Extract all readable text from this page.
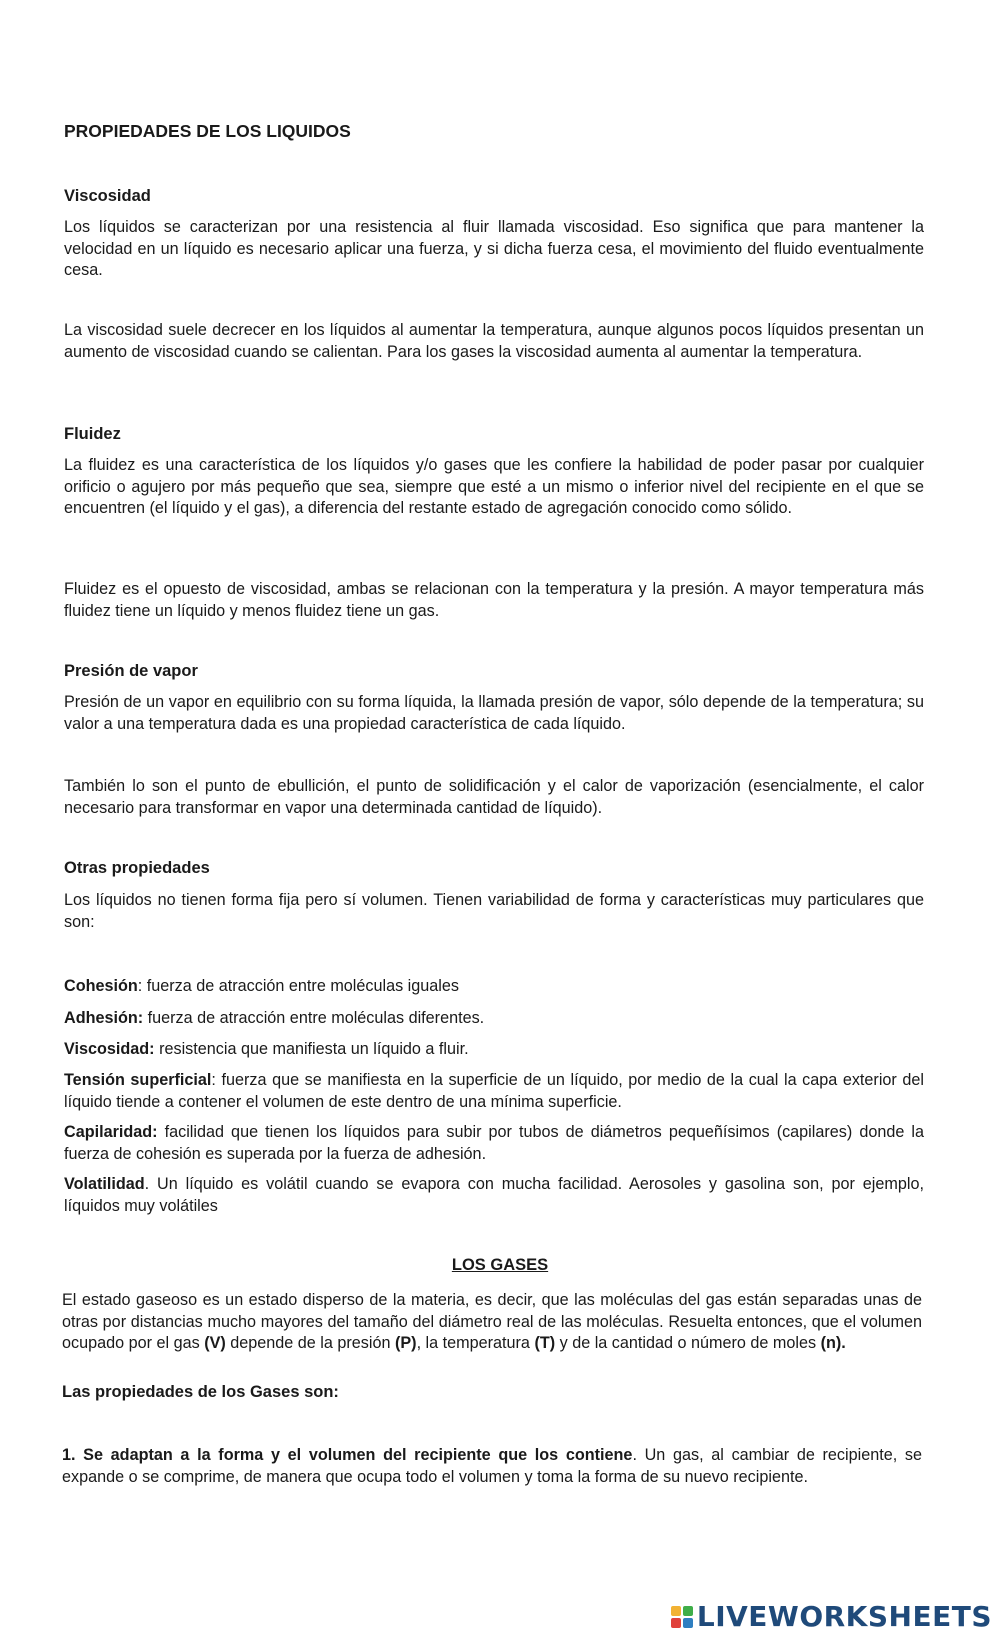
PROPIEDADES DE LOS LIQUIDOS
Viscosidad
Los líquidos se caracterizan por una resistencia al fluir llamada viscosidad. Eso significa que para mantener la velocidad en un líquido es necesario aplicar una fuerza, y si dicha fuerza cesa, el movimiento del fluido eventualmente cesa.
La viscosidad suele decrecer en los líquidos al aumentar la temperatura, aunque algunos pocos líquidos presentan un aumento de viscosidad cuando se calientan. Para los gases la viscosidad aumenta al aumentar la temperatura.
Fluidez
La fluidez es una característica de los líquidos y/o gases que les confiere la habilidad de poder pasar por cualquier orificio o agujero por más pequeño que sea, siempre que esté a un mismo o inferior nivel del recipiente en el que se encuentren (el líquido y el gas), a diferencia del restante estado de agregación conocido como sólido.
Fluidez es el opuesto de viscosidad, ambas se relacionan con la temperatura y la presión. A mayor temperatura más fluidez tiene un líquido y menos fluidez tiene un gas.
Presión de vapor
Presión de un vapor en equilibrio con su forma líquida, la llamada presión de vapor, sólo depende de la temperatura; su valor a una temperatura dada es una propiedad característica de cada líquido.
También lo son el punto de ebullición, el punto de solidificación y el calor de vaporización (esencialmente, el calor necesario para transformar en vapor una determinada cantidad de líquido).
Otras propiedades
Los líquidos no tienen forma fija pero sí volumen. Tienen variabilidad de forma y características muy particulares que son:
Cohesión: fuerza de atracción entre moléculas iguales
Adhesión: fuerza de atracción entre moléculas diferentes.
Viscosidad: resistencia que manifiesta un líquido a fluir.
Tensión superficial: fuerza que se manifiesta en la superficie de un líquido, por medio de la cual la capa exterior del líquido tiende a contener el volumen de este dentro de una mínima superficie.
Capilaridad: facilidad que tienen los líquidos para subir por tubos de diámetros pequeñísimos (capilares) donde la fuerza de cohesión es superada por la fuerza de adhesión.
Volatilidad. Un líquido es volátil cuando se evapora con mucha facilidad. Aerosoles y gasolina son, por ejemplo, líquidos muy volátiles
LOS GASES
El estado gaseoso es un estado disperso de la materia, es decir, que las moléculas del gas están separadas unas de otras por distancias mucho mayores del tamaño del diámetro real de las moléculas. Resuelta entonces, que el volumen ocupado por el gas (V) depende de la presión (P), la temperatura (T) y de la cantidad o número de moles (n).
Las propiedades de los Gases son:
1. Se adaptan a la forma y el volumen del recipiente que los contiene. Un gas, al cambiar de recipiente, se expande o se comprime, de manera que ocupa todo el volumen y toma la forma de su nuevo recipiente.
LIVEWORKSHEETS
